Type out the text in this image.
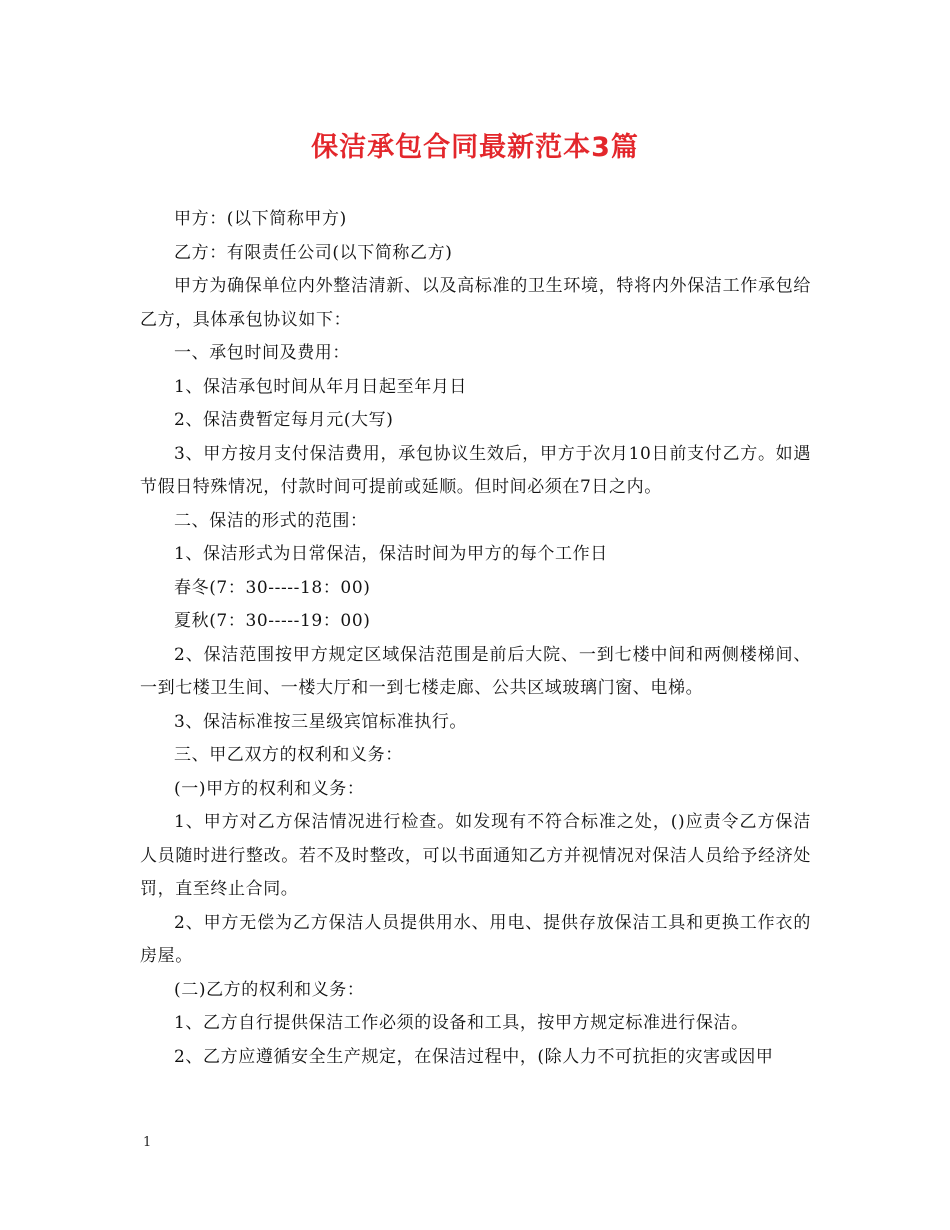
保洁承包合同最新范本3篇

甲方：(以下简称甲方)

乙方：有限责任公司(以下简称乙方)

甲方为确保单位内外整洁清新、以及高标准的卫生环境，特将内外保洁工作承包给乙方，具体承包协议如下：

一、承包时间及费用：

1、保洁承包时间从年月日起至年月日

2、保洁费暂定每月元(大写)

3、甲方按月支付保洁费用，承包协议生效后，甲方于次月10日前支付乙方。如遇节假日特殊情况，付款时间可提前或延顺。但时间必须在7日之内。

二、保洁的形式的范围：

1、保洁形式为日常保洁，保洁时间为甲方的每个工作日

春冬(7：30-----18：00)

夏秋(7：30-----19：00)

2、保洁范围按甲方规定区域保洁范围是前后大院、一到七楼中间和两侧楼梯间、一到七楼卫生间、一楼大厅和一到七楼走廊、公共区域玻璃门窗、电梯。

3、保洁标准按三星级宾馆标准执行。

三、甲乙双方的权利和义务：

(一)甲方的权利和义务：

1、甲方对乙方保洁情况进行检查。如发现有不符合标准之处，()应责令乙方保洁人员随时进行整改。若不及时整改，可以书面通知乙方并视情况对保洁人员给予经济处罚，直至终止合同。

2、甲方无偿为乙方保洁人员提供用水、用电、提供存放保洁工具和更换工作衣的房屋。

(二)乙方的权利和义务：

1、乙方自行提供保洁工作必须的设备和工具，按甲方规定标准进行保洁。

2、乙方应遵循安全生产规定，在保洁过程中，(除人力不可抗拒的灾害或因甲

1
